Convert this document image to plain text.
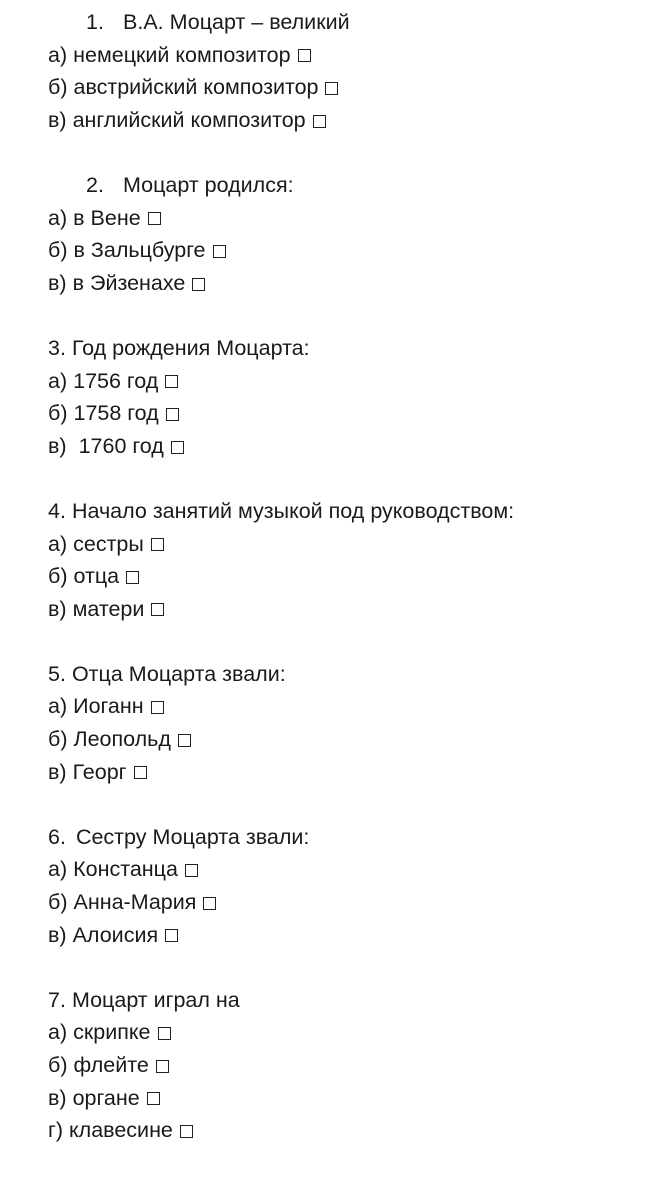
1. В.А. Моцарт – великий
а) немецкий композитор
б) австрийский композитор
в) английский композитор
2. Моцарт родился:
а) в Вене
б) в Зальцбурге
в) в Эйзенахе
3. Год рождения Моцарта:
а) 1756 год
б) 1758 год
в) 1760 год
4. Начало занятий музыкой под руководством:
а) сестры
б) отца
в) матери
5. Отца Моцарта звали:
а) Иоганн
б) Леопольд
в) Георг
6. Сестру Моцарта звали:
а) Констанца
б) Анна-Мария
в) Алоисия
7. Моцарт играл на
а) скрипке
б) флейте
в) органе
г) клавесине
